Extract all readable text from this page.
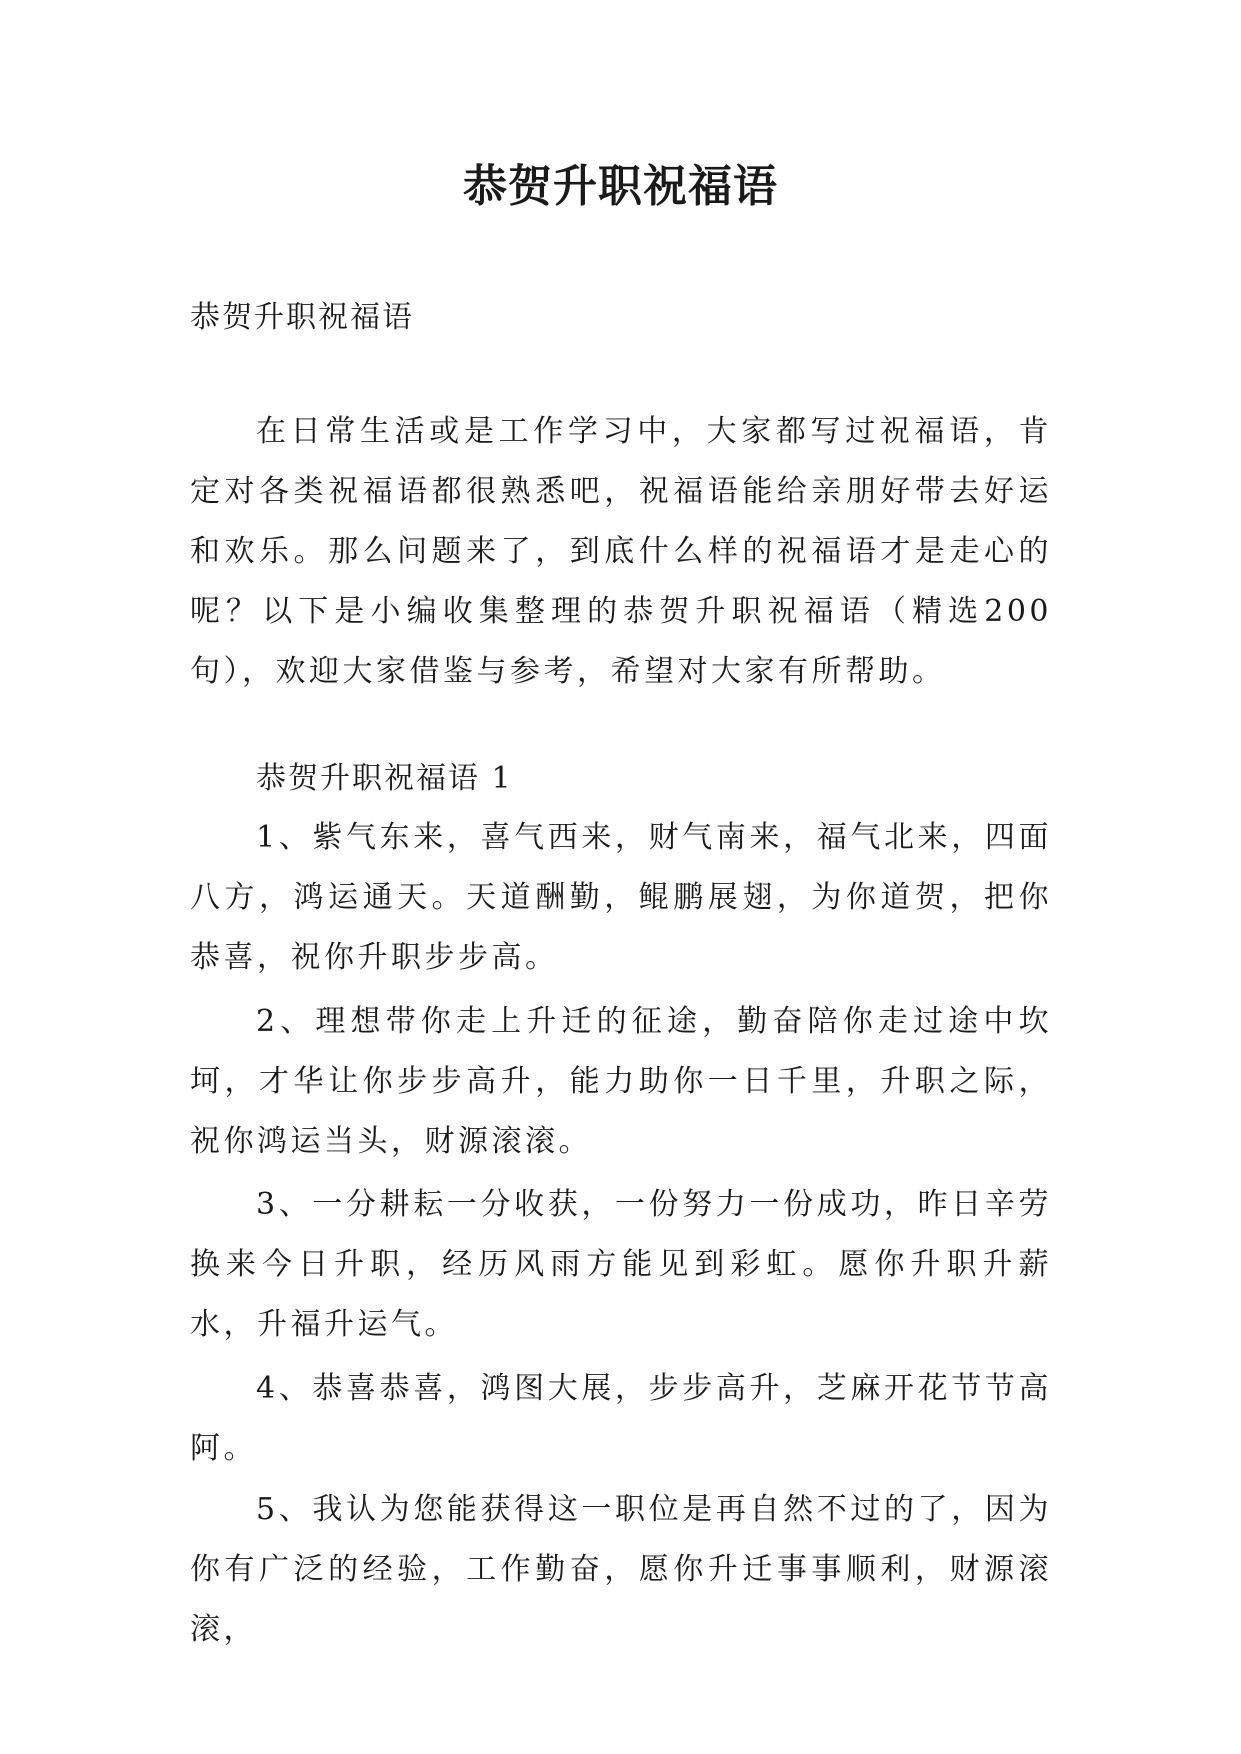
恭贺升职祝福语

恭贺升职祝福语

在日常生活或是工作学习中，大家都写过祝福语，肯定对各类祝福语都很熟悉吧，祝福语能给亲朋好带去好运和欢乐。那么问题来了，到底什么样的祝福语才是走心的呢？以下是小编收集整理的恭贺升职祝福语（精选200句），欢迎大家借鉴与参考，希望对大家有所帮助。

恭贺升职祝福语 1

1、紫气东来，喜气西来，财气南来，福气北来，四面八方，鸿运通天。天道酬勤，鲲鹏展翅，为你道贺，把你恭喜，祝你升职步步高。

2、理想带你走上升迁的征途，勤奋陪你走过途中坎坷，才华让你步步高升，能力助你一日千里，升职之际，祝你鸿运当头，财源滚滚。

3、一分耕耘一分收获，一份努力一份成功，昨日辛劳换来今日升职，经历风雨方能见到彩虹。愿你升职升薪水，升福升运气。

4、恭喜恭喜，鸿图大展，步步高升，芝麻开花节节高阿。

5、我认为您能获得这一职位是再自然不过的了，因为你有广泛的经验，工作勤奋，愿你升迁事事顺利，财源滚滚，
